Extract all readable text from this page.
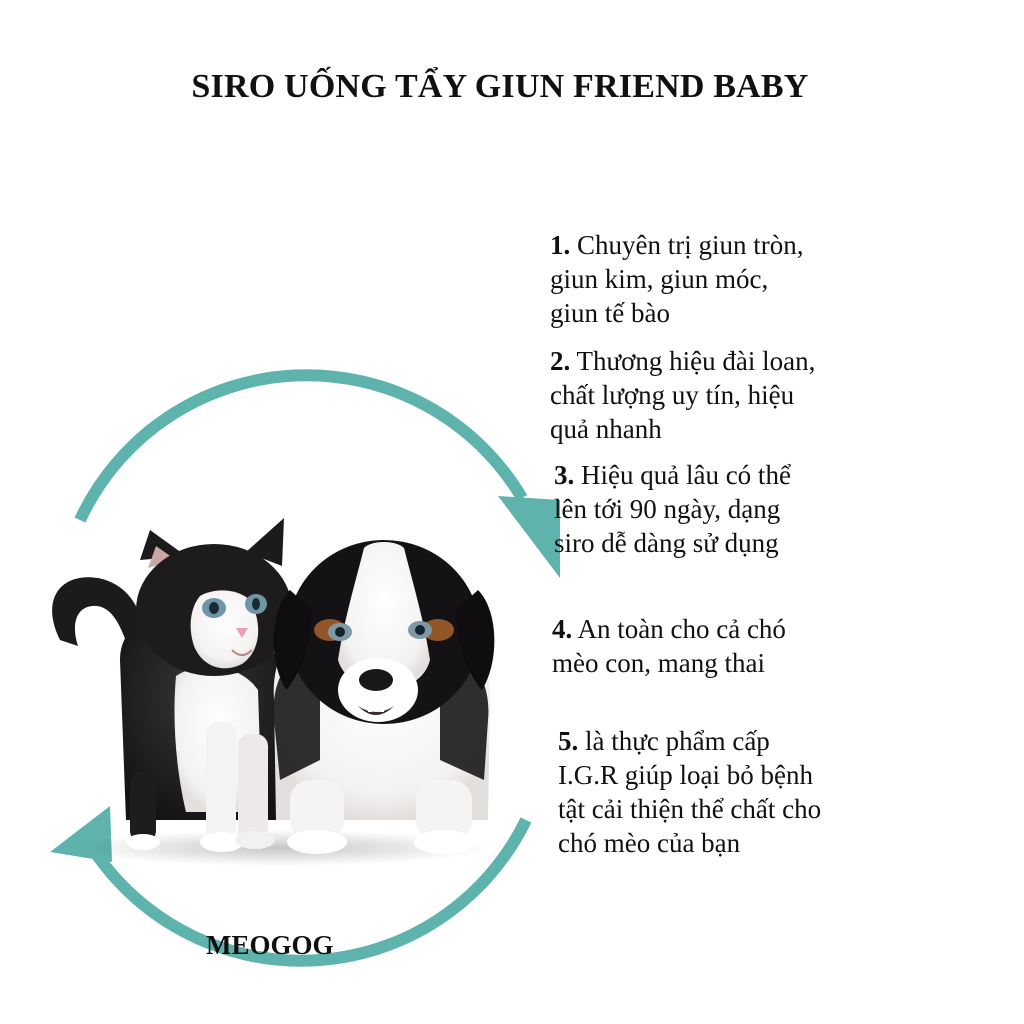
SIRO UỐNG TẨY GIUN FRIEND BABY
1. Chuyên trị giun tròn, giun kim, giun móc, giun tế bào
2. Thương hiệu đài loan, chất lượng uy tín, hiệu quả nhanh
3. Hiệu quả lâu có thể lên tới 90 ngày, dạng siro dễ dàng sử dụng
4. An toàn cho cả chó mèo con, mang thai
5. là thực phẩm cấp I.G.R giúp loại bỏ bệnh tật cải thiện thể chất cho chó mèo của bạn
MEOGOG
